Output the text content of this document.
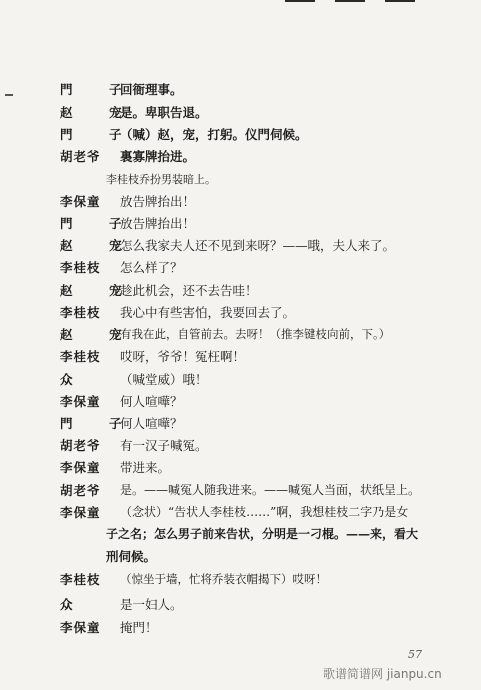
門　子
回衙理事。
赵　宠
是。卑职告退。
門　子
（喊）赵，宠，打躬。仪門伺候。
胡老爷 裏寡牌抬进。
李桂枝乔扮男装暗上。
李保童 放告牌抬出！
門　子
放告牌抬出！
赵　宠
怎么我家夫人还不见到来呀？——哦，夫人来了。
李桂枝 怎么样了？
赵　宠
趁此机会，还不去告哇！
李桂枝 我心中有些害怕，我要回去了。
赵　宠
有我在此，自管前去。去呀！（推李键枝向前，下。）
李桂枝 哎呀，爷爷！冤枉啊！
众	（喊堂威）哦！
李保童 何人喧嘩？
門　子
何人喧嘩？
胡老爷 有一汉子喊冤。
李保童 带进来。
胡老爷 是。——喊冤人随我进来。——喊冤人当面，状纸呈上。
李保童 （念状）“告状人李桂枝……”啊，我想桂枝二字乃是女
子之名；怎么男子前来告状，分明是一刁棍。——来，看大
刑伺候。
李桂枝 （惊坐于墙，忙将乔装衣帽揭下）哎呀！
众	是一妇人。
李保童 掩門！
57
歌谱简谱网 jianpu.cn
